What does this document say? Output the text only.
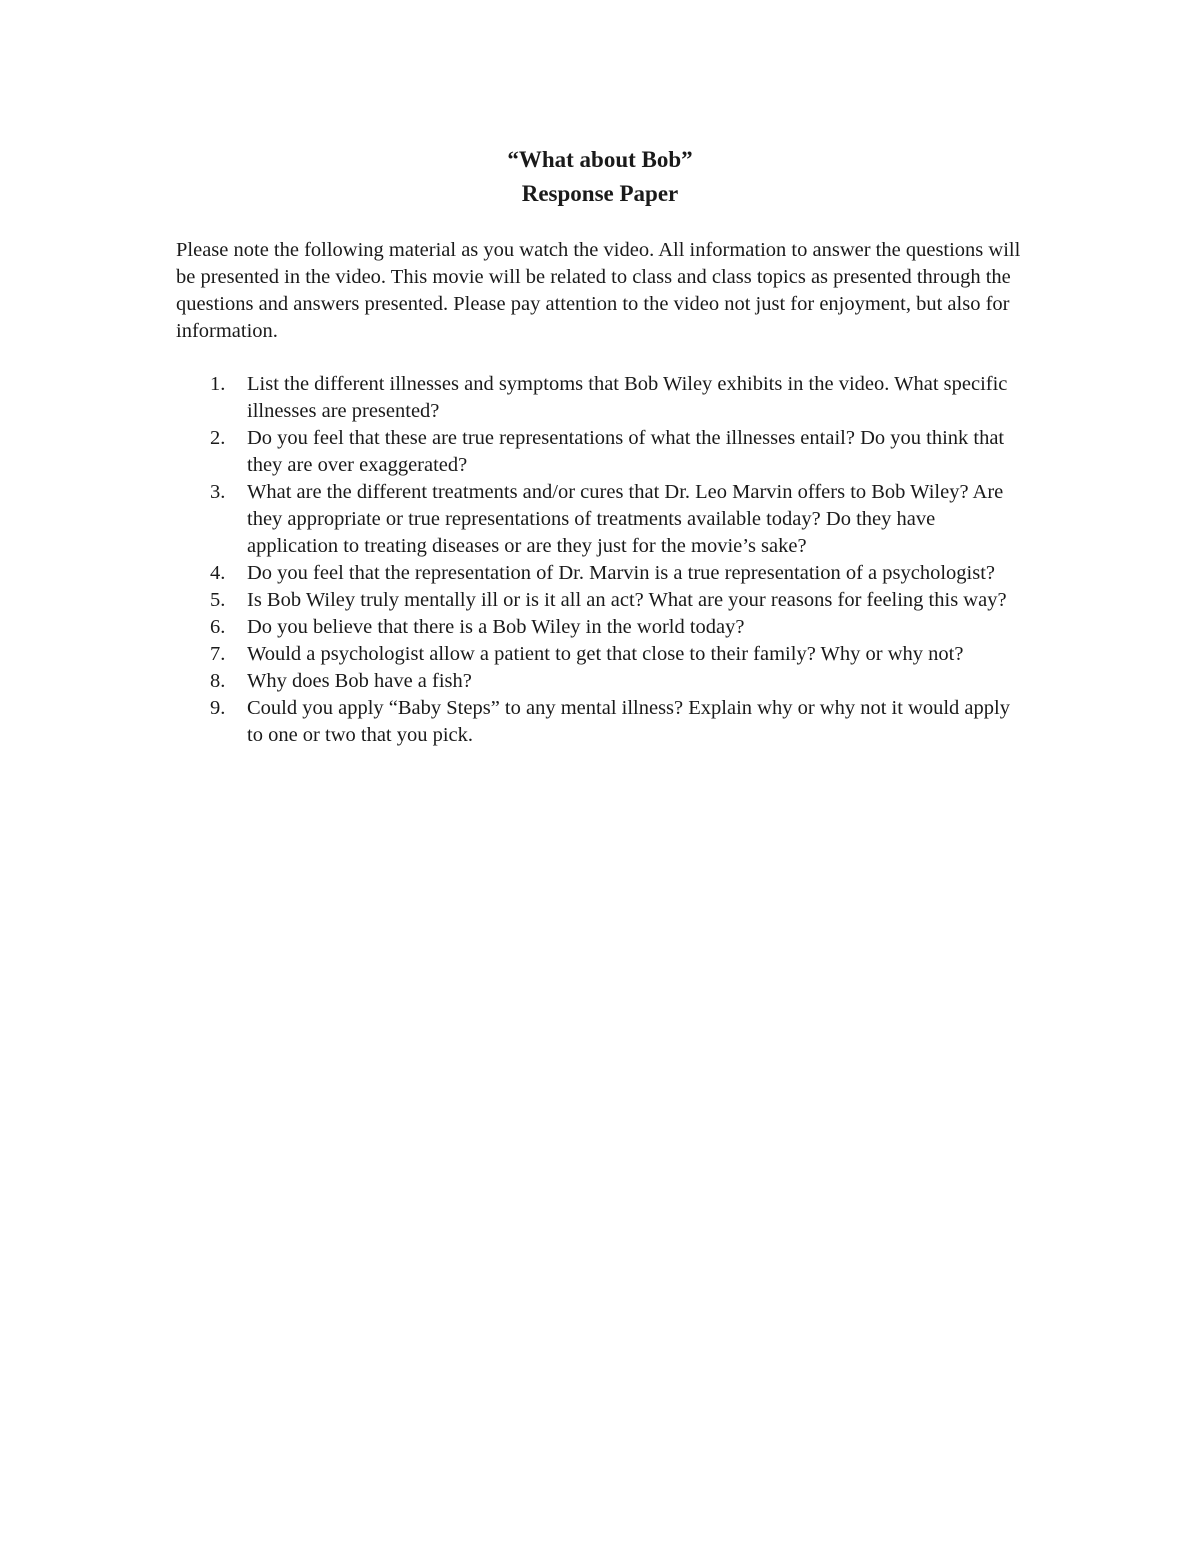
“What about Bob”
Response Paper

Please note the following material as you watch the video. All information to answer the questions will be presented in the video. This movie will be related to class and class topics as presented through the questions and answers presented. Please pay attention to the video not just for enjoyment, but also for information.

1. List the different illnesses and symptoms that Bob Wiley exhibits in the video. What specific illnesses are presented?
2. Do you feel that these are true representations of what the illnesses entail? Do you think that they are over exaggerated?
3. What are the different treatments and/or cures that Dr. Leo Marvin offers to Bob Wiley? Are they appropriate or true representations of treatments available today? Do they have application to treating diseases or are they just for the movie’s sake?
4. Do you feel that the representation of Dr. Marvin is a true representation of a psychologist?
5. Is Bob Wiley truly mentally ill or is it all an act? What are your reasons for feeling this way?
6. Do you believe that there is a Bob Wiley in the world today?
7. Would a psychologist allow a patient to get that close to their family? Why or why not?
8. Why does Bob have a fish?
9. Could you apply “Baby Steps” to any mental illness? Explain why or why not it would apply to one or two that you pick.
